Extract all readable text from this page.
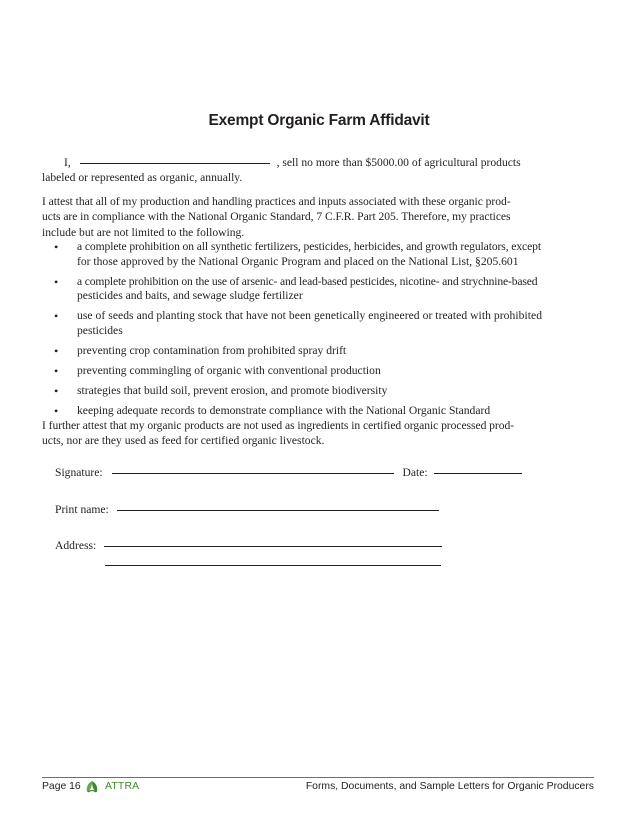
Exempt Organic Farm Affidavit
I,	, sell no more than $5000.00 of agricultural products
labeled or represented as organic, annually.
I attest that all of my production and handling practices and inputs associated with these organic prod-
ucts are in compliance with the National Organic Standard, 7 C.F.R. Part 205. Therefore, my practices
include but are not limited to the following.
• a complete prohibition on all synthetic fertilizers, pesticides, herbicides, and growth regulators, except
for those approved by the National Organic Program and placed on the National List, §205.601
• a complete prohibition on the use of arsenic- and lead-based pesticides, nicotine- and strychnine-based
pesticides and baits, and sewage sludge fertilizer
• use of seeds and planting stock that have not been genetically engineered or treated with prohibited
pesticides
• preventing crop contamination from prohibited spray drift
• preventing commingling of organic with conventional production
• strategies that build soil, prevent erosion, and promote biodiversity
• keeping adequate records to demonstrate compliance with the National Organic Standard
I further attest that my organic products are not used as ingredients in certified organic processed prod-
ucts, nor are they used as feed for certified organic livestock.
Signature:	Date:
Print name:
Address:
Page 16 ATTRA	Forms, Documents, and Sample Letters for Organic Producers
